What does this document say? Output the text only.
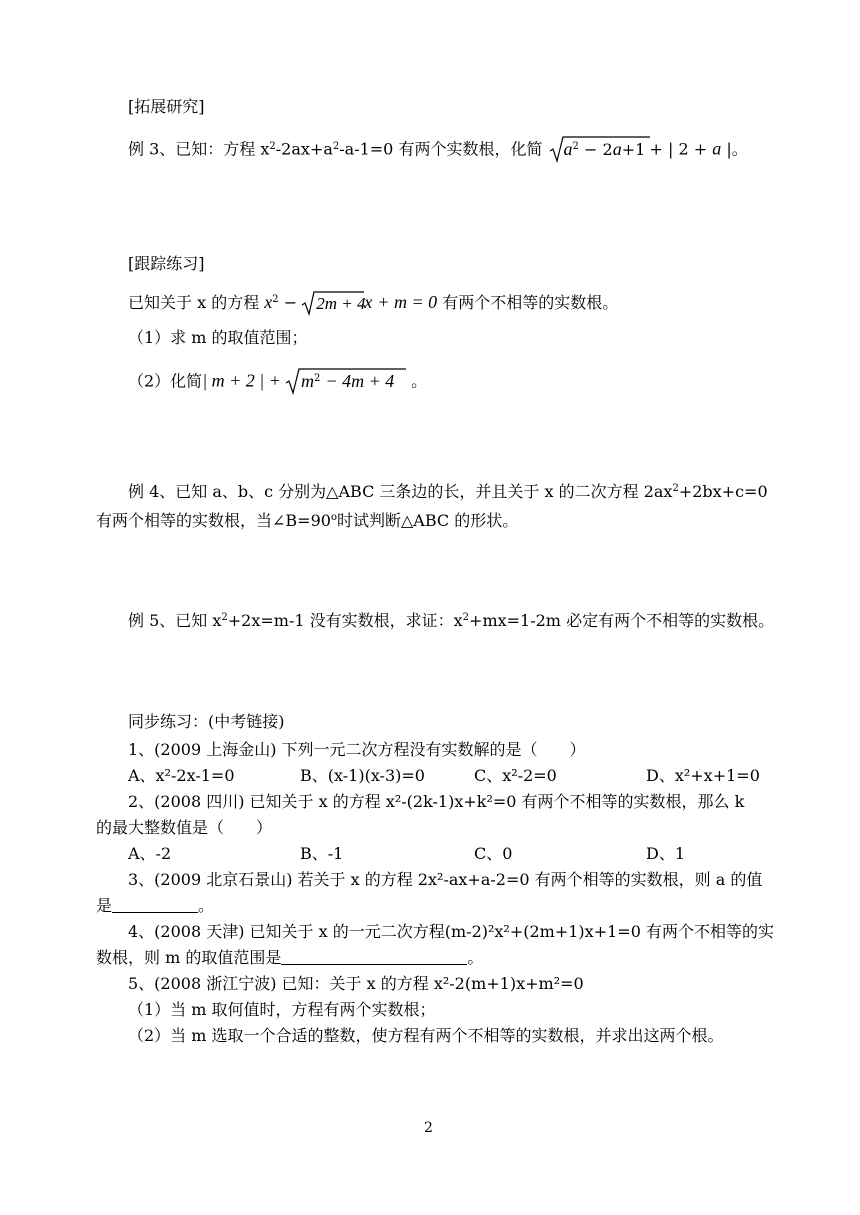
[拓展研究]
例 3、已知：方程 $x^2-2ax+a^2-a-1=0$ 有两个实数根，化简 $a^2 - 2a+1$ + | 2 + a |。
[跟踪练习]
已知关于 x 的方程 $x^2 - 2m + 4$
x + m = 0 有两个不相等的实数根。
（1）求 m 的取值范围；
（2）化简| m + 2 | + $m^2 - 4m + 4$ 。
例 4、已知 a、b、c 分别为△ABC 三条边的长，并且关于 x 的二次方程 $2ax^2+2bx+c=0$
有两个相等的实数根，当$\angle B=90^o$时试判断△ABC 的形状。
例 5、已知 $x^2+2x=m-1$ 没有实数根，求证：$x^2+mx=1-2m$ 必定有两个不相等的实数根。
同步练习：(中考链接)
1、(2009 上海金山) 下列一元二次方程没有实数解的是（　　）
A、x²-2x-1=0	B、(x-1)(x-3)=0	C、x²-2=0	D、x²+x+1=0
2、(2008 四川) 已知关于 x 的方程 x²-(2k-1)x+k²=0 有两个不相等的实数根，那么 k
的最大整数值是（　　）
A、-2	B、-1	C、0	D、1
3、(2009 北京石景山) 若关于 x 的方程 2x²-ax+a-2=0 有两个相等的实数根，则 a 的值
是	。
4、(2008 天津) 已知关于 x 的一元二次方程(m-2)²x²+(2m+1)x+1=0 有两个不相等的实
数根，则 m 的取值范围是	。
5、(2008 浙江宁波) 已知：关于 x 的方程 x²-2(m+1)x+m²=0
（1）当 m 取何值时，方程有两个实数根；
（2）当 m 选取一个合适的整数，使方程有两个不相等的实数根，并求出这两个根。
2
